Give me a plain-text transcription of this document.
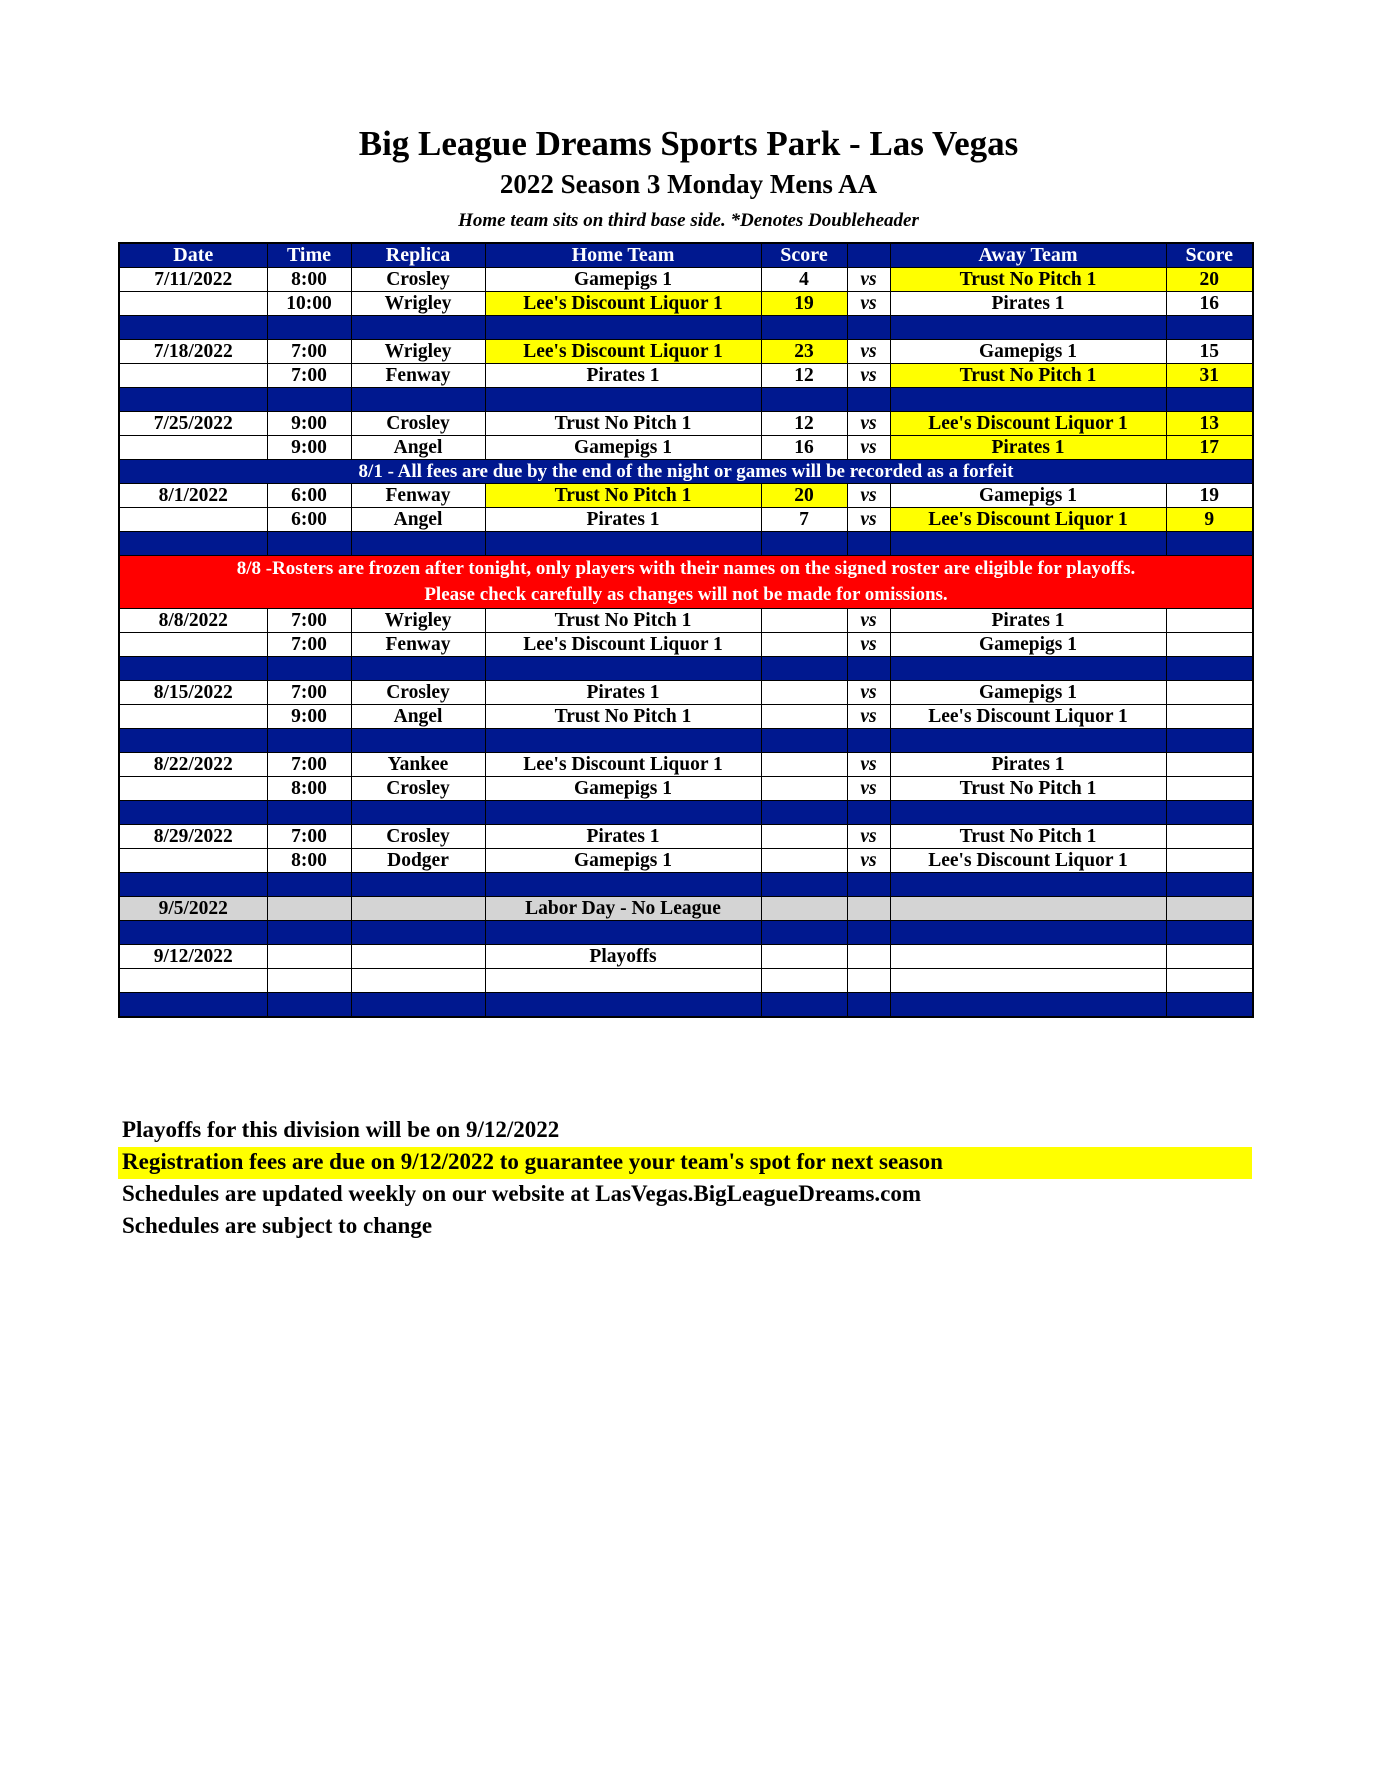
Big League Dreams Sports Park - Las Vegas
2022 Season 3 Monday Mens AA
Home team sits on third base side. *Denotes Doubleheader
Date	Time	Replica	Home Team	Score		Away Team	Score
7/11/2022	8:00	Crosley	Gamepigs 1	4	vs	Trust No Pitch 1	20
	10:00	Wrigley	Lee's Discount Liquor 1	19	vs	Pirates 1	16

7/18/2022	7:00	Wrigley	Lee's Discount Liquor 1	23	vs	Gamepigs 1	15
	7:00	Fenway	Pirates 1	12	vs	Trust No Pitch 1	31

7/25/2022	9:00	Crosley	Trust No Pitch 1	12	vs	Lee's Discount Liquor 1	13
	9:00	Angel	Gamepigs 1	16	vs	Pirates 1	17
8/1 - All fees are due by the end of the night or games will be recorded as a forfeit							
8/1/2022	6:00	Fenway	Trust No Pitch 1	20	vs	Gamepigs 1	19
	6:00	Angel	Pirates 1	7	vs	Lee's Discount Liquor 1	9

8/8 -Rosters are frozen after tonight, only players with their names on the signed roster are eligible for playoffs.
Please check carefully as changes will not be made for omissions.							
8/8/2022	7:00	Wrigley	Trust No Pitch 1		vs	Pirates 1	
	7:00	Fenway	Lee's Discount Liquor 1		vs	Gamepigs 1	

8/15/2022	7:00	Crosley	Pirates 1		vs	Gamepigs 1	
	9:00	Angel	Trust No Pitch 1		vs	Lee's Discount Liquor 1	

8/22/2022	7:00	Yankee	Lee's Discount Liquor 1		vs	Pirates 1	
	8:00	Crosley	Gamepigs 1		vs	Trust No Pitch 1	

8/29/2022	7:00	Crosley	Pirates 1		vs	Trust No Pitch 1	
	8:00	Dodger	Gamepigs 1		vs	Lee's Discount Liquor 1	

9/5/2022			Labor Day - No League				

9/12/2022			Playoffs				

Playoffs for this division will be on 9/12/2022
Registration fees are due on 9/12/2022 to guarantee your team's spot for next season
Schedules are updated weekly on our website at LasVegas.BigLeagueDreams.com
Schedules are subject to change
